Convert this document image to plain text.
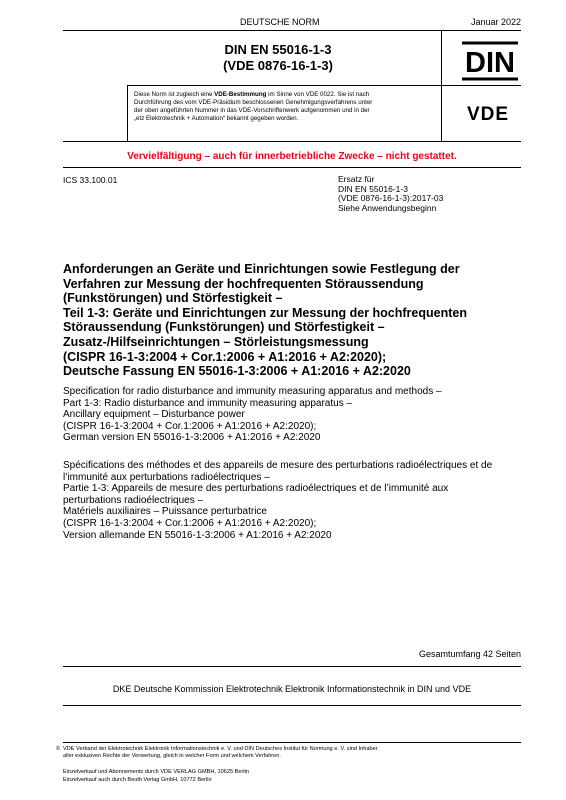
DEUTSCHE NORM	Januar 2022
DIN EN 55016-1-3
(VDE 0876-16-1-3)	DIN
Diese Norm ist zugleich eine VDE-Bestimmung im Sinne von VDE 0022. Sie ist nach
Durchführung des vom VDE-Präsidium beschlossenen Genehmigungsverfahrens unter
der oben angeführten Nummer in das VDE-Vorschriftenwerk aufgenommen und in der
„etz Elektrotechnik + Automation“ bekannt gegeben worden.	VDE
Vervielfältigung – auch für innerbetriebliche Zwecke – nicht gestattet.
ICS 33.100.01	Ersatz für
DIN EN 55016-1-3
(VDE 0876-16-1-3):2017-03
Siehe Anwendungsbeginn
Anforderungen an Geräte und Einrichtungen sowie Festlegung der
Verfahren zur Messung der hochfrequenten Störaussendung
(Funkstörungen) und Störfestigkeit –
Teil 1-3: Geräte und Einrichtungen zur Messung der hochfrequenten
Störaussendung (Funkstörungen) und Störfestigkeit –
Zusatz-/Hilfseinrichtungen – Störleistungsmessung
(CISPR 16-1-3:2004 + Cor.1:2006 + A1:2016 + A2:2020);
Deutsche Fassung EN 55016-1-3:2006 + A1:2016 + A2:2020
Specification for radio disturbance and immunity measuring apparatus and methods –
Part 1-3: Radio disturbance and immunity measuring apparatus –
Ancillary equipment – Disturbance power
(CISPR 16-1-3:2004 + Cor.1:2006 + A1:2016 + A2:2020);
German version EN 55016-1-3:2006 + A1:2016 + A2:2020
Spécifications des méthodes et des appareils de mesure des perturbations radioélectriques et de
l’immunité aux perturbations radioélectriques –
Partie 1-3: Appareils de mesure des perturbations radioélectriques et de l’immunité aux
perturbations radioélectriques –
Matériels auxiliaires – Puissance perturbatrice
(CISPR 16-1-3:2004 + Cor.1:2006 + A1:2016 + A2:2020);
Version allemande EN 55016-1-3:2006 + A1:2016 + A2:2020
Gesamtumfang 42 Seiten
DKE Deutsche Kommission Elektrotechnik Elektronik Informationstechnik in DIN und VDE
© VDE Verband der Elektrotechnik Elektronik Informationstechnik e. V. und DIN Deutsches Institut für Normung e. V. sind Inhaber
aller exklusiven Rechte der Verwertung, gleich in welcher Form und welchem Verfahren.
Einzelverkauf und Abonnements durch VDE VERLAG GMBH, 10625 Berlin
Einzelverkauf auch durch Beuth Verlag GmbH, 10772 Berlin
